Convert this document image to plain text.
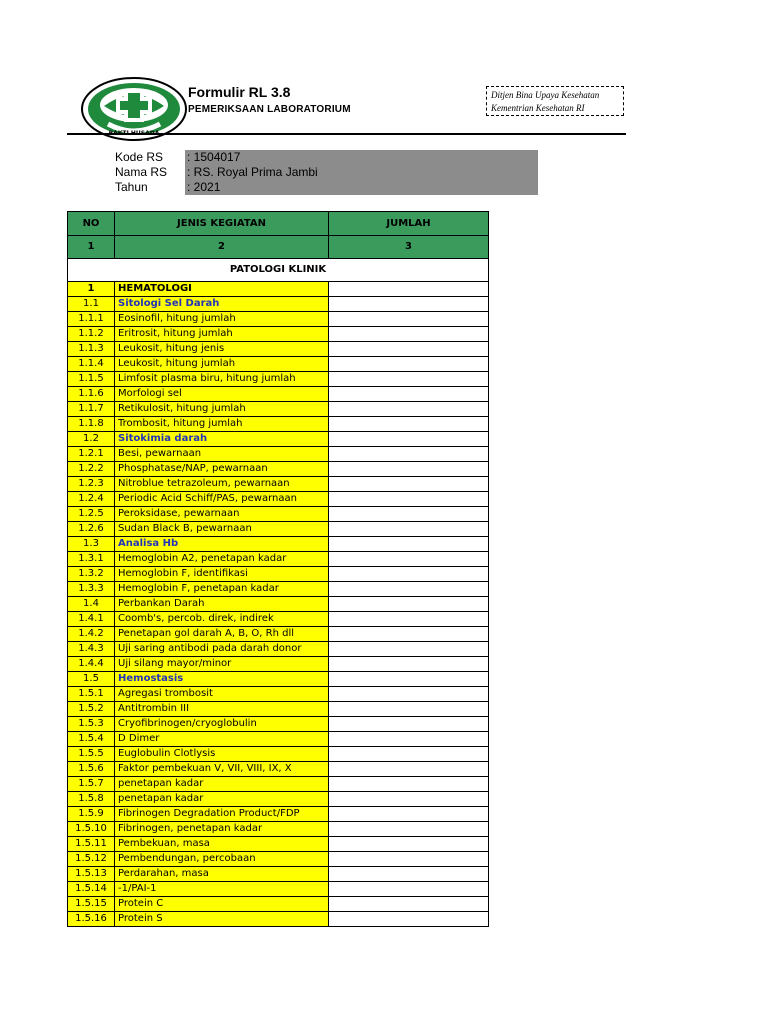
BAKTI HUSADA
Formulir RL 3.8
PEMERIKSAAN LABORATORIUM
Ditjen Bina Upaya Kesehatan
Kementrian Kesehatan RI
Kode RS	: 1504017
Nama RS	: RS. Royal Prima Jambi
Tahun	: 2021
NO	JENIS KEGIATAN	JUMLAH
1	2	3
PATOLOGI KLINIK		
1	HEMATOLOGI	
1.1	Sitologi Sel Darah	
1.1.1	Eosinofil, hitung jumlah	
1.1.2	Eritrosit, hitung jumlah	
1.1.3	Leukosit, hitung jenis	
1.1.4	Leukosit, hitung jumlah	
1.1.5	Limfosit plasma biru, hitung jumlah	
1.1.6	Morfologi sel	
1.1.7	Retikulosit, hitung jumlah	
1.1.8	Trombosit, hitung jumlah	
1.2	Sitokimia darah	
1.2.1	Besi, pewarnaan	
1.2.2	Phosphatase/NAP, pewarnaan	
1.2.3	Nitroblue tetrazoleum, pewarnaan	
1.2.4	Periodic Acid Schiff/PAS, pewarnaan	
1.2.5	Peroksidase, pewarnaan	
1.2.6	Sudan Black B, pewarnaan	
1.3	Analisa Hb	
1.3.1	Hemoglobin A2, penetapan kadar	
1.3.2	Hemoglobin F, identifikasi	
1.3.3	Hemoglobin F, penetapan kadar	
1.4	Perbankan Darah	
1.4.1	Coomb's, percob. direk, indirek	
1.4.2	Penetapan gol darah A, B, O, Rh dll	
1.4.3	Uji saring antibodi pada darah donor	
1.4.4	Uji silang mayor/minor	
1.5	Hemostasis	
1.5.1	Agregasi trombosit	
1.5.2	Antitrombin III	
1.5.3	Cryofibrinogen/cryoglobulin	
1.5.4	D Dimer	
1.5.5	Euglobulin Clotlysis	
1.5.6	Faktor pembekuan V, VII, VIII, IX, X	
1.5.7	penetapan kadar	
1.5.8	penetapan kadar	
1.5.9	Fibrinogen Degradation Product/FDP	
1.5.10	Fibrinogen, penetapan kadar	
1.5.11	Pembekuan, masa	
1.5.12	Pembendungan, percobaan	
1.5.13	Perdarahan, masa	
1.5.14	-1/PAI-1	
1.5.15	Protein C	
1.5.16	Protein S	
